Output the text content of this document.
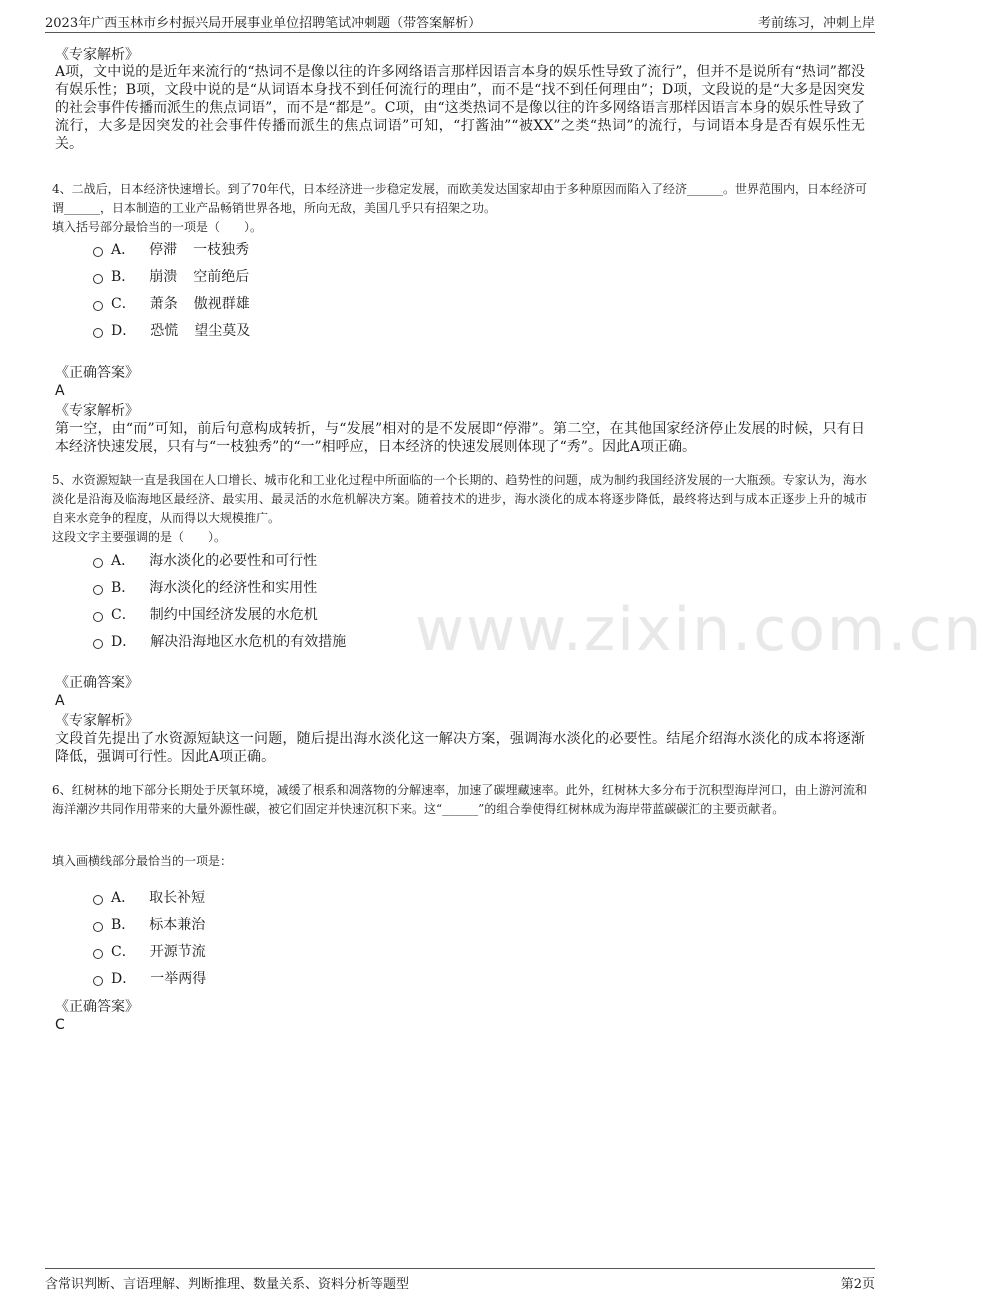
2023年广西玉林市乡村振兴局开展事业单位招聘笔试冲刺题（带答案解析）	考前练习，冲刺上岸
www.zixin.com.cn
《专家解析》
A项，文中说的是近年来流行的“热词不是像以往的许多网络语言那样因语言本身的娱乐性导致了流行”，但并不是说所有“热词”都没有娱乐性；B项，文段中说的是“从词语本身找不到任何流行的理由”，而不是“找不到任何理由”；D项，文段说的是“大多是因突发的社会事件传播而派生的焦点词语”，而不是“都是”。C项，由“这类热词不是像以往的许多网络语言那样因语言本身的娱乐性导致了流行，大多是因突发的社会事件传播而派生的焦点词语”可知，“打酱油”“被XX”之类“热词”的流行，与词语本身是否有娱乐性无关。
4、二战后，日本经济快速增长。到了70年代，日本经济进一步稳定发展，而欧美发达国家却由于多种原因而陷入了经济______。世界范围内，日本经济可谓______，日本制造的工业产品畅销世界各地，所向无敌，美国几乎只有招架之功。
填入括号部分最恰当的一项是（　　）。
A． 停滞 一枝独秀
B． 崩溃 空前绝后
C． 萧条 傲视群雄
D． 恐慌 望尘莫及
《正确答案》
A
《专家解析》
第一空，由“而”可知，前后句意构成转折，与“发展”相对的是不发展即“停滞”。第二空，在其他国家经济停止发展的时候，只有日本经济快速发展，只有与“一枝独秀”的“一”相呼应，日本经济的快速发展则体现了“秀”。因此A项正确。
5、水资源短缺一直是我国在人口增长、城市化和工业化过程中所面临的一个长期的、趋势性的问题，成为制约我国经济发展的一大瓶颈。专家认为，海水淡化是沿海及临海地区最经济、最实用、最灵活的水危机解决方案。随着技术的进步，海水淡化的成本将逐步降低，最终将达到与成本正逐步上升的城市自来水竞争的程度，从而得以大规模推广。
这段文字主要强调的是（　　）。
A． 海水淡化的必要性和可行性
B． 海水淡化的经济性和实用性
C． 制约中国经济发展的水危机
D． 解决沿海地区水危机的有效措施
《正确答案》
A
《专家解析》
文段首先提出了水资源短缺这一问题，随后提出海水淡化这一解决方案，强调海水淡化的必要性。结尾介绍海水淡化的成本将逐渐降低，强调可行性。因此A项正确。
6、红树林的地下部分长期处于厌氧环境，减缓了根系和凋落物的分解速率，加速了碳埋藏速率。此外，红树林大多分布于沉积型海岸河口，由上游河流和海洋潮汐共同作用带来的大量外源性碳，被它们固定并快速沉积下来。这“______”的组合拳使得红树林成为海岸带蓝碳碳汇的主要贡献者。
填入画横线部分最恰当的一项是：
A． 取长补短
B． 标本兼治
C． 开源节流
D． 一举两得
《正确答案》
C
含常识判断、言语理解、判断推理、数量关系、资料分析等题型	第2页
